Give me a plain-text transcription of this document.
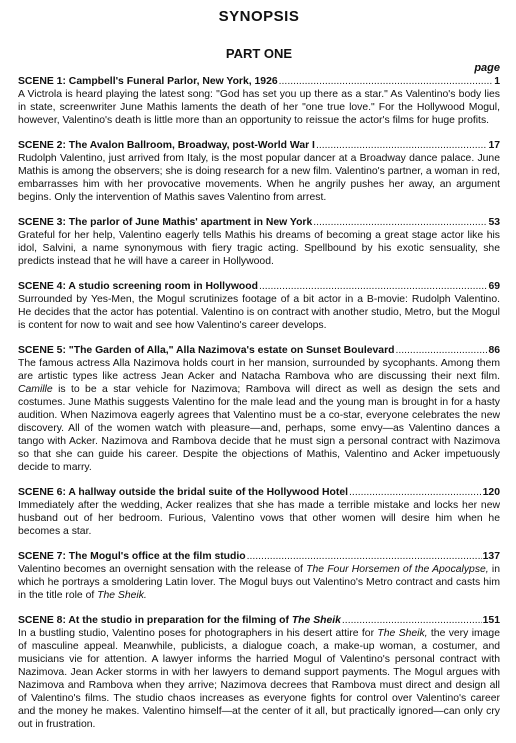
SYNOPSIS
PART ONE
page
SCENE 1: Campbell's Funeral Parlor, New York, 1926 .....	1
A Victrola is heard playing the latest song: "God has set you up there as a star." As Valentino's body lies in state, screenwriter June Mathis laments the death of her "one true love." For the Hollywood Mogul, however, Valentino's death is little more than an opportunity to reissue the actor's films for huge profits.
SCENE 2: The Avalon Ballroom, Broadway, post-World War I .....	17
Rudolph Valentino, just arrived from Italy, is the most popular dancer at a Broadway dance palace. June Mathis is among the observers; she is doing research for a new film. Valentino's partner, a woman in red, embarrasses him with her provocative movements. When he angrily pushes her away, an argument begins. Only the intervention of Mathis saves Valentino from arrest.
SCENE 3: The parlor of June Mathis' apartment in New York .....	53
Grateful for her help, Valentino eagerly tells Mathis his dreams of becoming a great stage actor like his idol, Salvini, a name synonymous with fiery tragic acting. Spellbound by his exotic sensuality, she predicts instead that he will have a career in Hollywood.
SCENE 4: A studio screening room in Hollywood .....	69
Surrounded by Yes-Men, the Mogul scrutinizes footage of a bit actor in a B-movie: Rudolph Valentino. He decides that the actor has potential. Valentino is on contract with another studio, Metro, but the Mogul is content for now to wait and see how Valentino's career develops.
SCENE 5: "The Garden of Alla," Alla Nazimova's estate on Sunset Boulevard .....	86
The famous actress Alla Nazimova holds court in her mansion, surrounded by sycophants. Among them are artistic types like actress Jean Acker and Natacha Rambova who are discussing their next film. Camille is to be a star vehicle for Nazimova; Rambova will direct as well as design the sets and costumes. June Mathis suggests Valentino for the male lead and the young man is brought in for a hasty audition. When Nazimova eagerly agrees that Valentino must be a co-star, everyone celebrates the new discovery. All of the women watch with pleasure—and, perhaps, some envy—as Valentino dances a tango with Acker. Nazimova and Rambova decide that he must sign a personal contract with Nazimova so that she can guide his career. Despite the objections of Mathis, Valentino and Acker impetuously decide to marry.
SCENE 6: A hallway outside the bridal suite of the Hollywood Hotel .....	120
Immediately after the wedding, Acker realizes that she has made a terrible mistake and locks her new husband out of her bedroom. Furious, Valentino vows that other women will desire him when he becomes a star.
SCENE 7: The Mogul's office at the film studio .....	137
Valentino becomes an overnight sensation with the release of The Four Horsemen of the Apocalypse, in which he portrays a smoldering Latin lover. The Mogul buys out Valentino's Metro contract and casts him in the title role of The Sheik.
SCENE 8: At the studio in preparation for the filming of The Sheik .....	151
In a bustling studio, Valentino poses for photographers in his desert attire for The Sheik, the very image of masculine appeal. Meanwhile, publicists, a dialogue coach, a make-up woman, a costumer, and musicians vie for attention. A lawyer informs the harried Mogul of Valentino's personal contract with Nazimova. Jean Acker storms in with her lawyers to demand support payments. The Mogul argues with Nazimova and Rambova when they arrive; Nazimova decrees that Rambova must direct and design all of Valentino's films. The studio chaos increases as everyone fights for control over Valentino's career and the money he makes. Valentino himself—at the center of it all, but practically ignored—can only cry out in frustration.
